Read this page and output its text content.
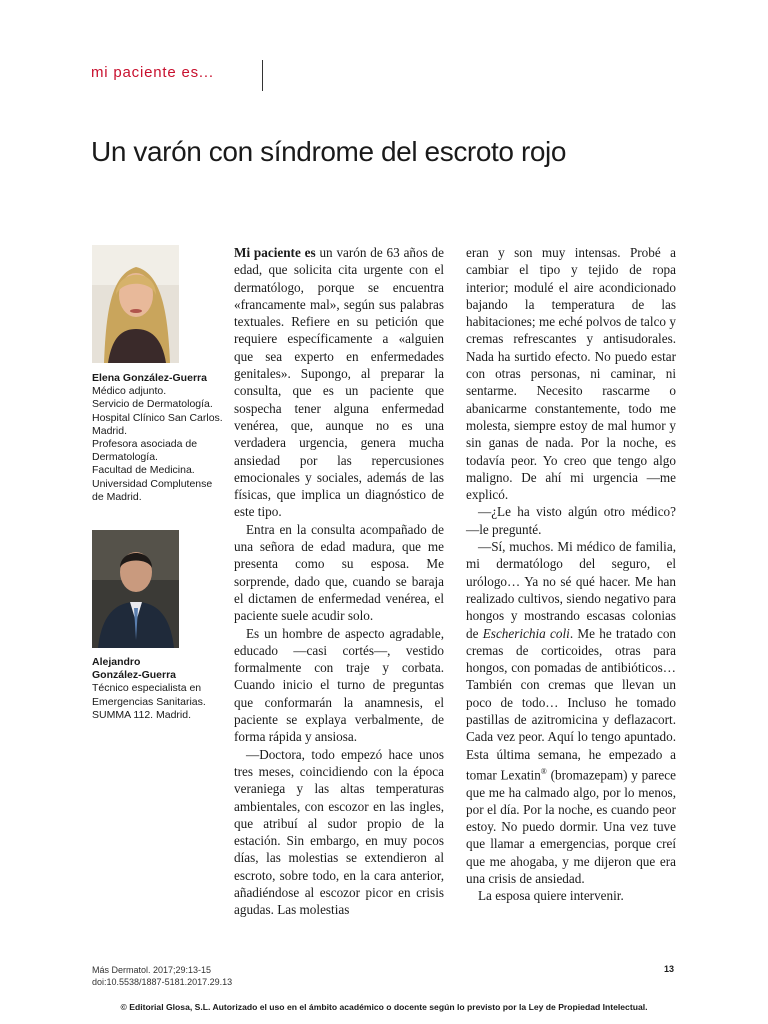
mi paciente es...
Un varón con síndrome del escroto rojo
Elena González-Guerra
Médico adjunto.
Servicio de Dermatología.
Hospital Clínico San Carlos.
Madrid.
Profesora asociada de
Dermatología.
Facultad de Medicina.
Universidad Complutense
de Madrid.
Alejandro
González-Guerra
Técnico especialista en
Emergencias Sanitarias.
SUMMA 112. Madrid.

Mi paciente es un varón de 63 años de edad, que solicita cita urgente con el dermatólogo, porque se encuentra «francamente mal», según sus palabras textuales. Refiere en su petición que requiere específicamente a «alguien que sea experto en enfermedades genitales». Supongo, al preparar la consulta, que es un paciente que sospecha tener alguna enfermedad venérea, que, aunque no es una verdadera urgencia, genera mucha ansiedad por las repercusiones emocionales y sociales, además de las físicas, que implica un diagnóstico de este tipo.

Entra en la consulta acompañado de una señora de edad madura, que me presenta como su esposa. Me sorprende, dado que, cuando se baraja el dictamen de enfermedad venérea, el paciente suele acudir solo.

Es un hombre de aspecto agradable, educado —casi cortés—, vestido formalmente con traje y corbata. Cuando inicio el turno de preguntas que conformarán la anamnesis, el paciente se explaya verbalmente, de forma rápida y ansiosa.

—Doctora, todo empezó hace unos tres meses, coincidiendo con la época veraniega y las altas temperaturas ambientales, con escozor en las ingles, que atribuí al sudor propio de la estación. Sin embargo, en muy pocos días, las molestias se extendieron al escroto, sobre todo, en la cara anterior, añadiéndose al escozor picor en crisis agudas. Las molestias

eran y son muy intensas. Probé a cambiar el tipo y tejido de ropa interior; modulé el aire acondicionado bajando la temperatura de las habitaciones; me eché polvos de talco y cremas refrescantes y antisudorales. Nada ha surtido efecto. No puedo estar con otras personas, ni caminar, ni sentarme. Necesito rascarme o abanicarme constantemente, todo me molesta, siempre estoy de mal humor y sin ganas de nada. Por la noche, es todavía peor. Yo creo que tengo algo maligno. De ahí mi urgencia —me explicó.

—¿Le ha visto algún otro médico? —le pregunté.

—Sí, muchos. Mi médico de familia, mi dermatólogo del seguro, el urólogo… Ya no sé qué hacer. Me han realizado cultivos, siendo negativo para hongos y mostrando escasas colonias de Escherichia coli. Me he tratado con cremas de corticoides, otras para hongos, con pomadas de antibióticos… También con cremas que llevan un poco de todo… Incluso he tomado pastillas de azitromicina y deflazacort. Cada vez peor. Aquí lo tengo apuntado. Esta última semana, he empezado a tomar Lexatin® (bromazepam) y parece que me ha calmado algo, por lo menos, por el día. Por la noche, es cuando peor estoy. No puedo dormir. Una vez tuve que llamar a emergencias, porque creí que me ahogaba, y me dijeron que era una crisis de ansiedad.

La esposa quiere intervenir.

Más Dermatol. 2017;29:13-15
doi:10.5538/1887-5181.2017.29.13
13
© Editorial Glosa, S.L. Autorizado el uso en el ámbito académico o docente según lo previsto por la Ley de Propiedad Intelectual.
